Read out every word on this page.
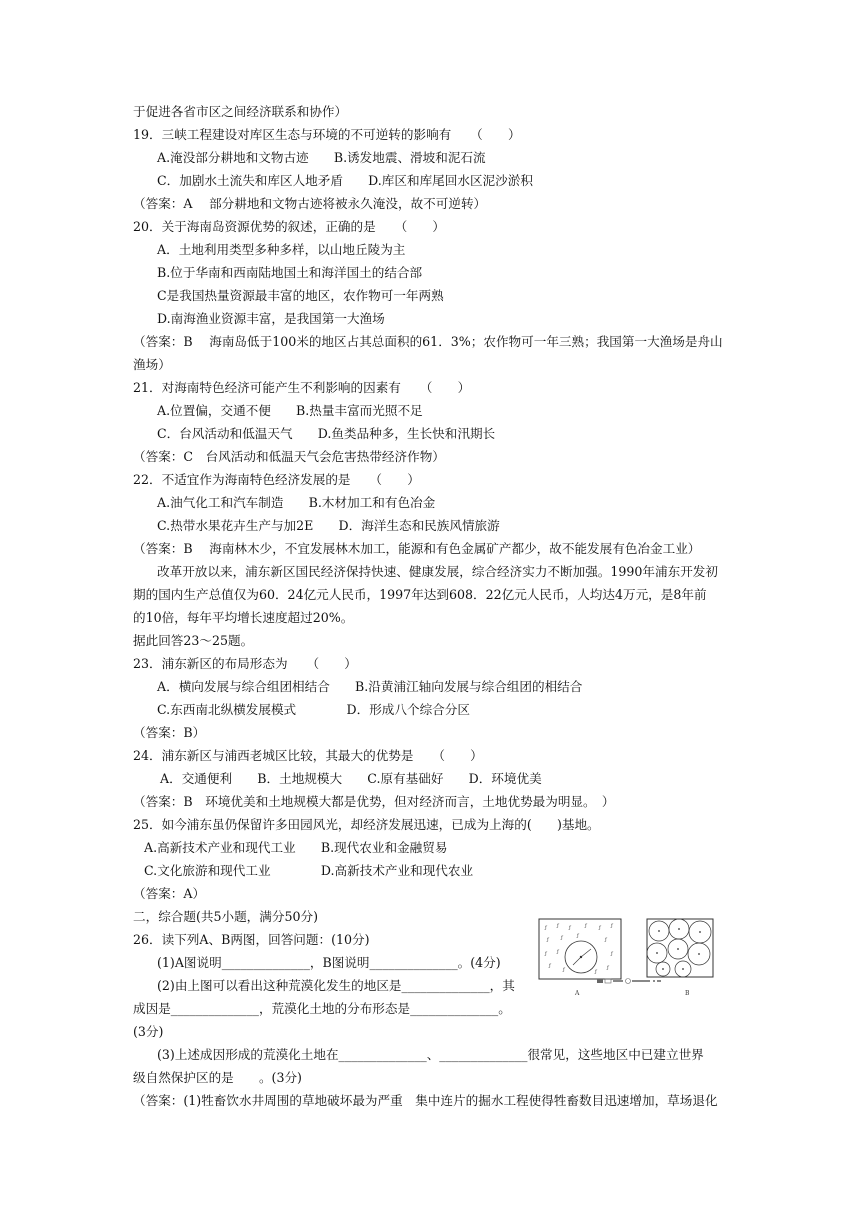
于促进各省市区之间经济联系和协作）
19．三峡工程建设对库区生态与环境的不可逆转的影响有　　（　　）
A.淹没部分耕地和文物古迹　　B.诱发地震、滑坡和泥石流
C．加剧水土流失和库区人地矛盾　　D.库区和库尾回水区泥沙淤积
（答案：A　 部分耕地和文物古迹将被永久淹没，故不可逆转）
20．关于海南岛资源优势的叙述，正确的是　　（　　）
A．土地利用类型多种多样，以山地丘陵为主
B.位于华南和西南陆地国土和海洋国土的结合部
C是我国热量资源最丰富的地区，农作物可一年两熟
D.南海渔业资源丰富，是我国第一大渔场
（答案：B　 海南岛低于100米的地区占其总面积的61．3%；农作物可一年三熟；我国第一大渔场是舟山
渔场）
21．对海南特色经济可能产生不利影响的因素有　　（　　）
A.位置偏，交通不便　　B.热量丰富而光照不足
C．台风活动和低温天气　　D.鱼类品种多，生长快和汛期长
（答案：C　台风活动和低温天气会危害热带经济作物）
22．不适宜作为海南特色经济发展的是　　（　　）
A.油气化工和汽车制造　　B.木材加工和有色冶金
C.热带水果花卉生产与加2E　　D．海洋生态和民族风情旅游
（答案：B　 海南林木少，不宜发展林木加工，能源和有色金属矿产都少，故不能发展有色冶金工业）
改革开放以来，浦东新区国民经济保持快速、健康发展，综合经济实力不断加强。1990年浦东开发初
期的国内生产总值仅为60．24亿元人民币，1997年达到608．22亿元人民币，人均达4万元，是8年前
的10倍，每年平均增长速度超过20%。
据此回答23～25题。
23．浦东新区的布局形态为　　（　　）
A．横向发展与综合组团相结合　　B.沿黄浦江轴向发展与综合组团的相结合
C.东西南北纵横发展模式　　　　D．形成八个综合分区
（答案：B）
24．浦东新区与浦西老城区比较，其最大的优势是　　（　　）
A．交通便利　　B．土地规模大　　C.原有基础好　　D．环境优美
（答案：B　环境优美和土地规模大都是优势，但对经济而言，土地优势最为明显。　）
25．如今浦东虽仍保留许多田园风光，却经济发展迅速，已成为上海的(　　)基地。
A.高新技术产业和现代工业　　B.现代农业和金融贸易
C.文化旅游和现代工业　　　　D.高新技术产业和现代农业
（答案：A）
二，综合题(共5小题，满分50分)
26．读下列A、B两图，回答问题：(10分)
(1)A图说明______________，B图说明______________。(4分)
(2)由上图可以看出这种荒漠化发生的地区是______________，其
成因是______________，荒漠化土地的分布形态是______________。
(3分)
(3)上述成因形成的荒漠化土地在______________、______________很常见，这些地区中已建立世界
级自然保护区的是　　。(3分)
（答案：(1)牲畜饮水井周围的草地破坏最为严重　集中连片的掘水工程使得牲畜数目迅速增加，草场退化
ƒ ƒ ƒ	ƒ ƒ ƒ
ƒ ƒ	ƒ
ƒ
ƒ ƒ	ƒ
ƒ
ƒ	ƒ
ƒ
A	B
